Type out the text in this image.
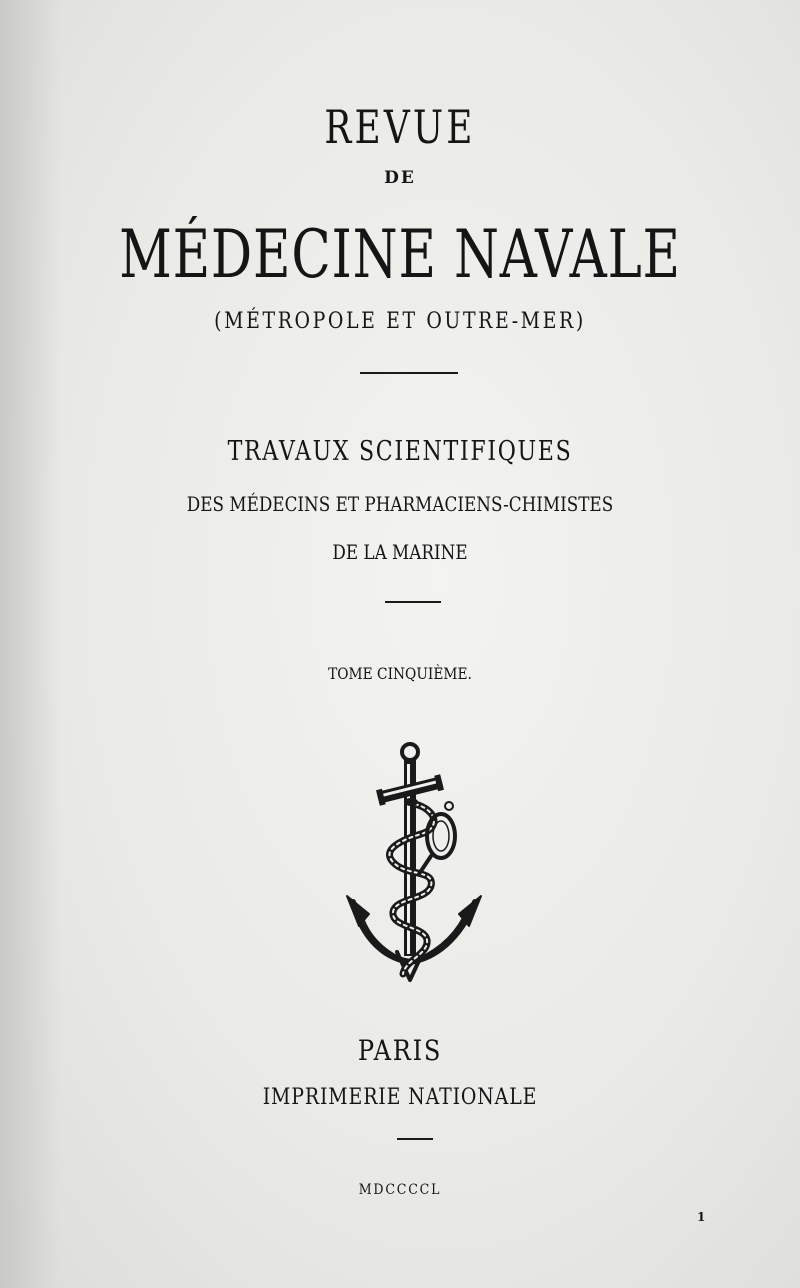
REVUE
DE
MÉDECINE NAVALE
(MÉTROPOLE ET OUTRE-MER)
TRAVAUX SCIENTIFIQUES
DES MÉDECINS ET PHARMACIENS-CHIMISTES
DE LA MARINE
TOME CINQUIÈME.
PARIS
IMPRIMERIE NATIONALE
MDCCCCL
1
